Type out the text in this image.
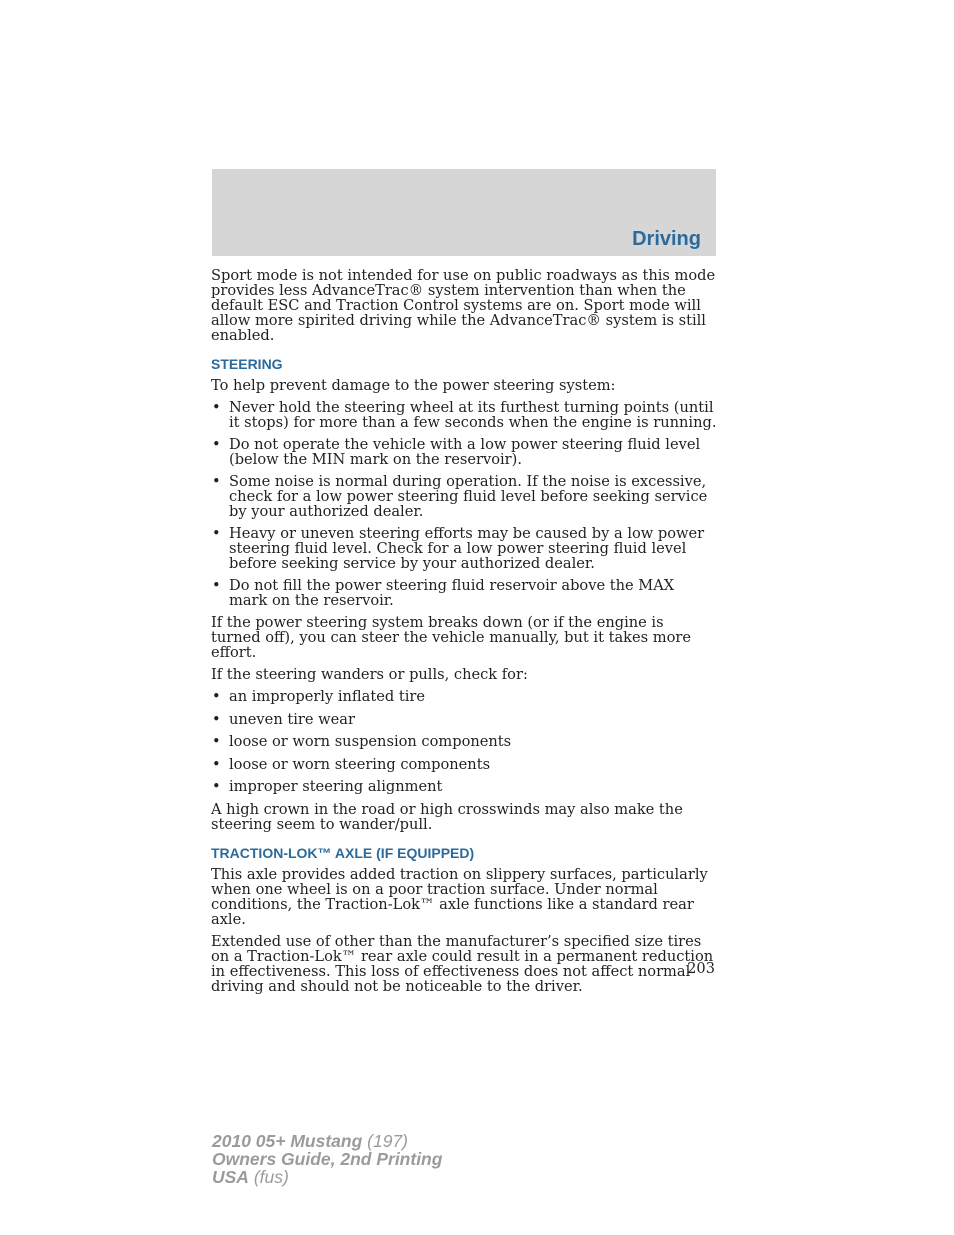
Driving

Sport mode is not intended for use on public roadways as this mode provides less AdvanceTrac® system intervention than when the default ESC and Traction Control systems are on. Sport mode will allow more spirited driving while the AdvanceTrac® system is still enabled.

STEERING

To help prevent damage to the power steering system:

• Never hold the steering wheel at its furthest turning points (until it stops) for more than a few seconds when the engine is running.
• Do not operate the vehicle with a low power steering fluid level (below the MIN mark on the reservoir).
• Some noise is normal during operation. If the noise is excessive, check for a low power steering fluid level before seeking service by your authorized dealer.
• Heavy or uneven steering efforts may be caused by a low power steering fluid level. Check for a low power steering fluid level before seeking service by your authorized dealer.
• Do not fill the power steering fluid reservoir above the MAX mark on the reservoir.

If the power steering system breaks down (or if the engine is turned off), you can steer the vehicle manually, but it takes more effort.

If the steering wanders or pulls, check for:

• an improperly inflated tire
• uneven tire wear
• loose or worn suspension components
• loose or worn steering components
• improper steering alignment

A high crown in the road or high crosswinds may also make the steering seem to wander/pull.

TRACTION-LOK™ AXLE (IF EQUIPPED)

This axle provides added traction on slippery surfaces, particularly when one wheel is on a poor traction surface. Under normal conditions, the Traction-Lok™ axle functions like a standard rear axle.

Extended use of other than the manufacturer’s specified size tires on a Traction-Lok™ rear axle could result in a permanent reduction in effectiveness. This loss of effectiveness does not affect normal driving and should not be noticeable to the driver.

203
2010 05+ Mustang (197)
Owners Guide, 2nd Printing
USA (fus)
